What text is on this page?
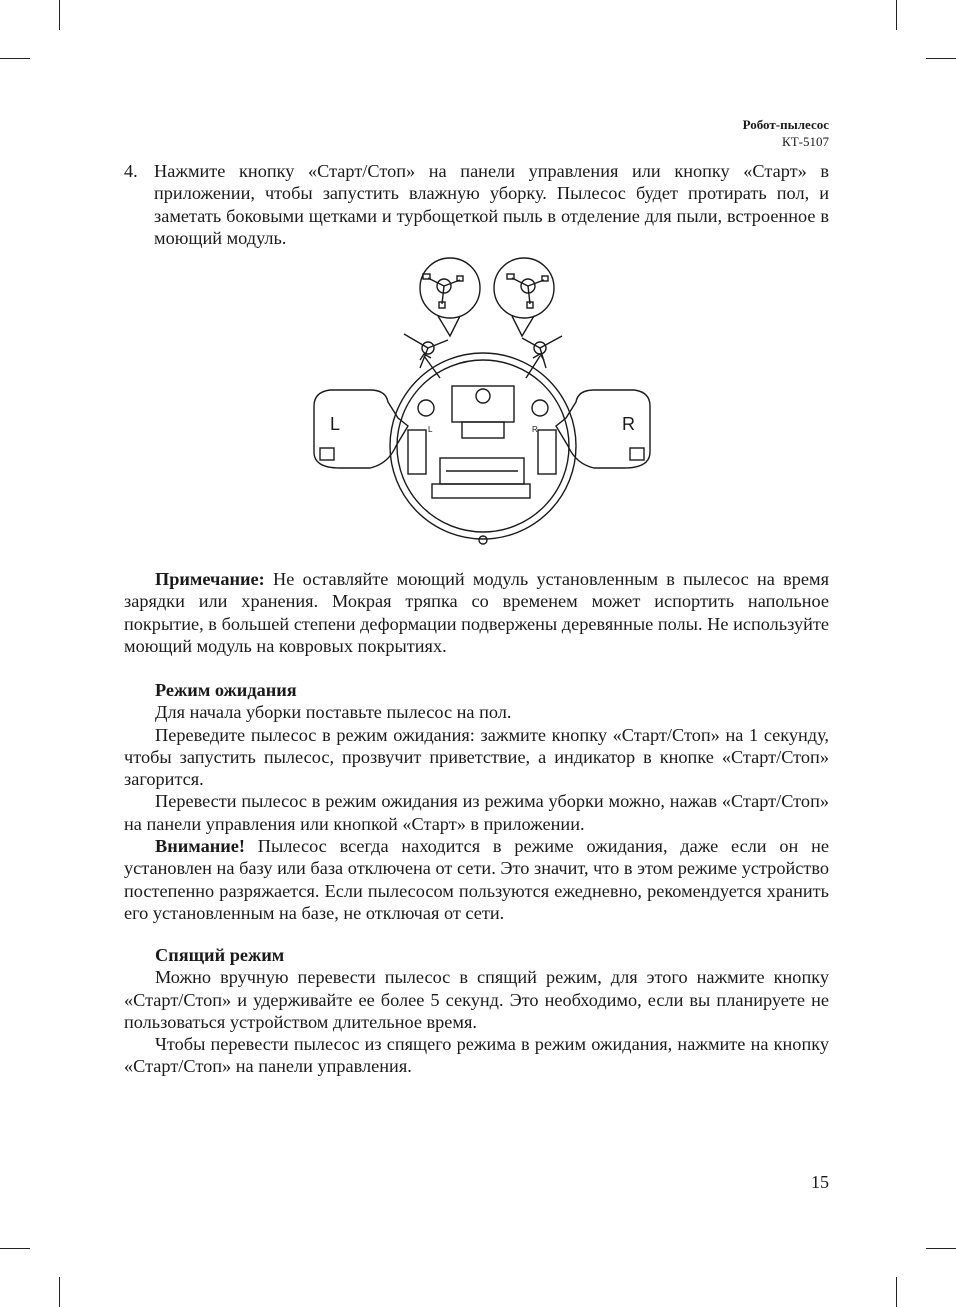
Робот-пылесос
КТ-5107
4. Нажмите кнопку «Старт/Стоп» на панели управления или кнопку «Старт» в приложении, чтобы запустить влажную уборку. Пылесос будет протирать пол, и заметать боковыми щетками и турбощеткой пыль в отделение для пыли, встроенное в моющий модуль.
L	R
L	R

Примечание: Не оставляйте моющий модуль установленным в пылесос на время зарядки или хранения. Мокрая тряпка со временем может испортить напольное покрытие, в большей степени деформации подвержены деревянные полы. Не используйте моющий модуль на ковровых покрытиях.

Режим ожидания

Для начала уборки поставьте пылесос на пол.

Переведите пылесос в режим ожидания: зажмите кнопку «Старт/Стоп» на 1 секунду, чтобы запустить пылесос, прозвучит приветствие, а индикатор в кнопке «Старт/Стоп» загорится.

Перевести пылесос в режим ожидания из режима уборки можно, нажав «Старт/Стоп» на панели управления или кнопкой «Старт» в приложении.

Внимание! Пылесос всегда находится в режиме ожидания, даже если он не установлен на базу или база отключена от сети. Это значит, что в этом режиме устройство постепенно разряжается. Если пылесосом пользуются ежедневно, рекомендуется хранить его установленным на базе, не отключая от сети.

Спящий режим

Можно вручную перевести пылесос в спящий режим, для этого нажмите кнопку «Старт/Стоп» и удерживайте ее более 5 секунд. Это необходимо, если вы планируете не пользоваться устройством длительное время.

Чтобы перевести пылесос из спящего режима в режим ожидания, нажмите на кнопку «Старт/Стоп» на панели управления.

15
